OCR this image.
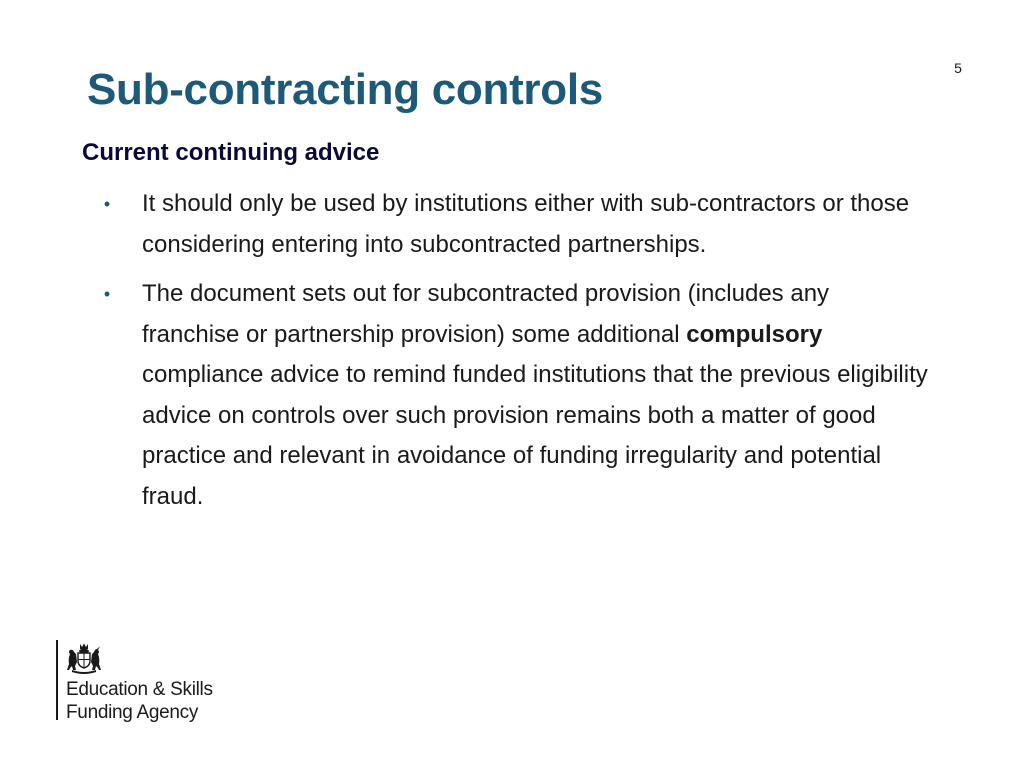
5
Sub-contracting controls
Current continuing advice
• It should only be used by institutions either with sub-contractors or those considering entering into subcontracted partnerships.
• The document sets out for subcontracted provision (includes any franchise or partnership provision) some additional compulsory compliance advice to remind funded institutions that the previous eligibility advice on controls over such provision remains both a matter of good practice and relevant in avoidance of funding irregularity and potential fraud.
Education & Skills
Funding Agency
